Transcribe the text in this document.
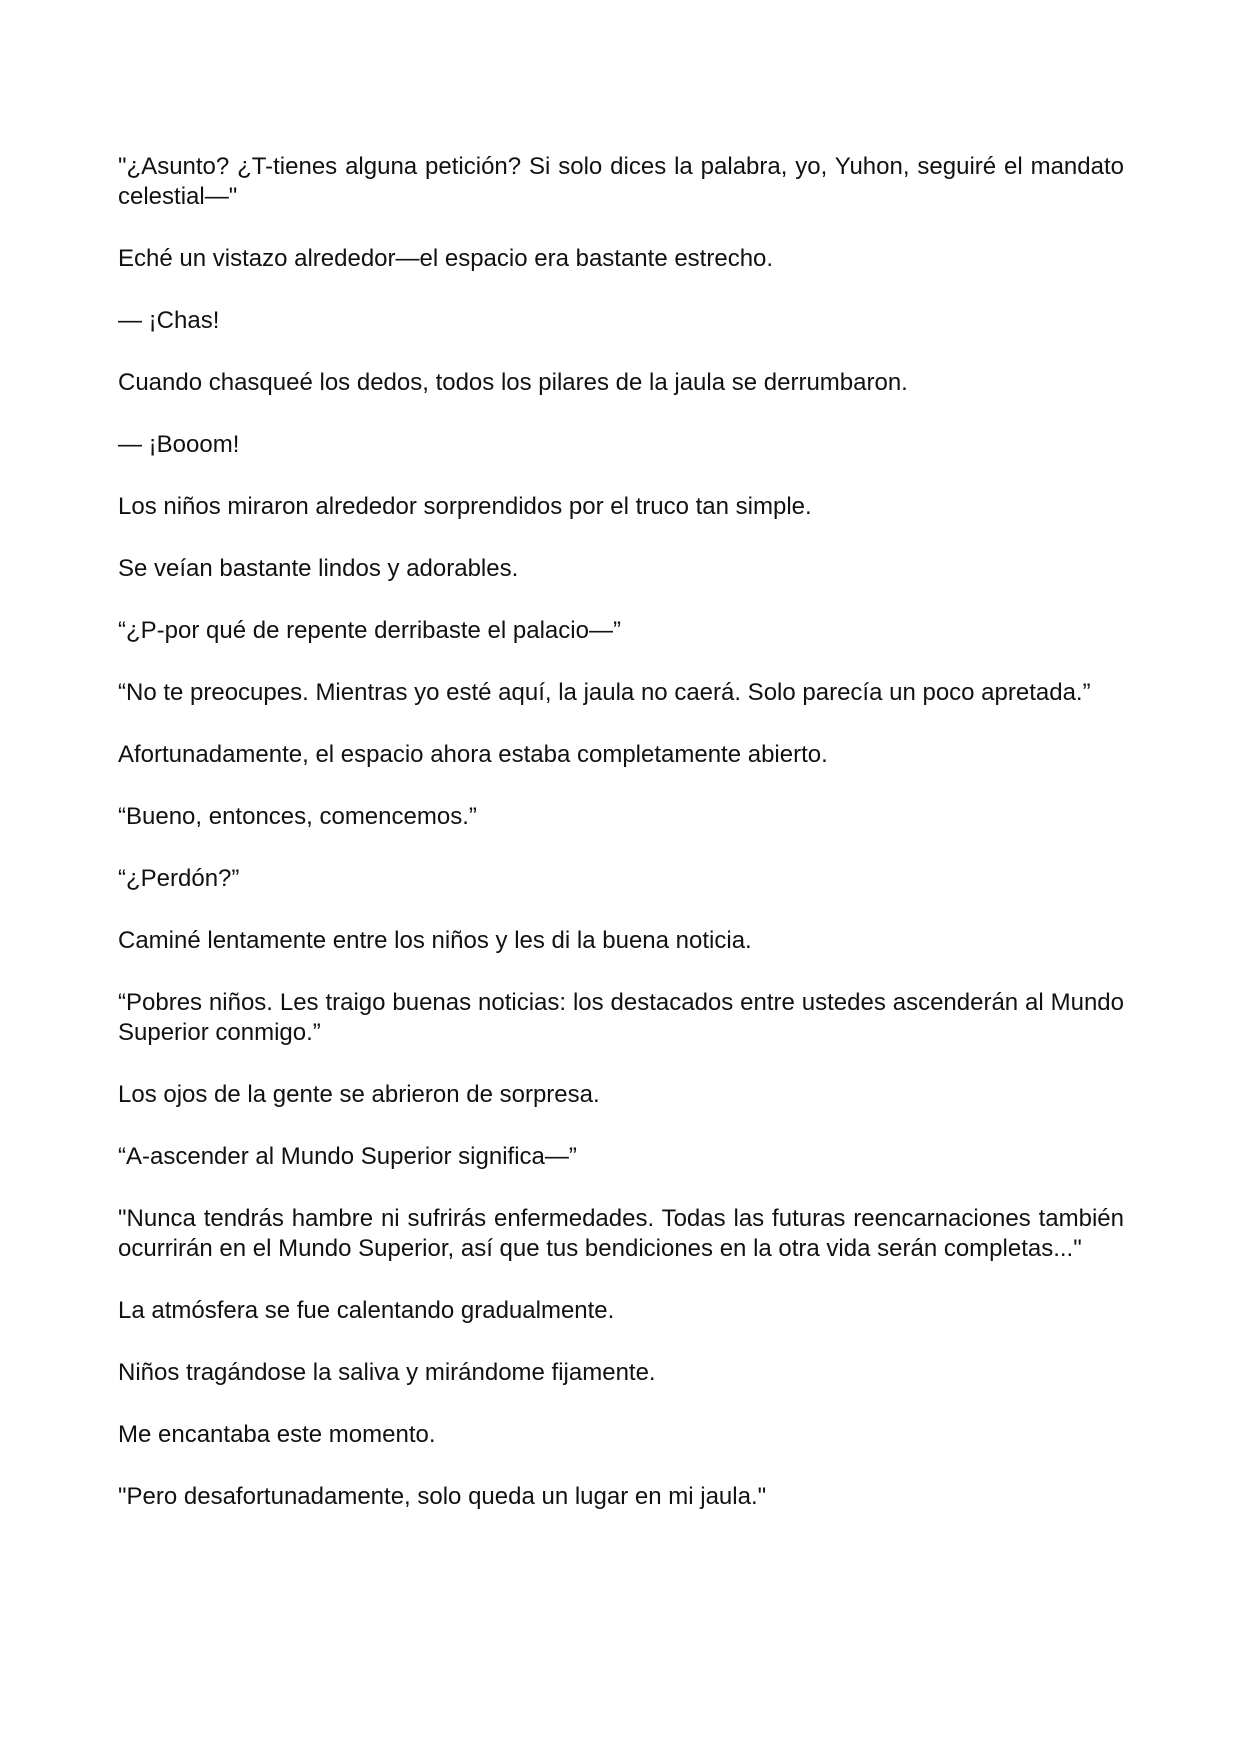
"¿Asunto? ¿T-tienes alguna petición? Si solo dices la palabra, yo, Yuhon, seguiré el mandato celestial—"

Eché un vistazo alrededor—el espacio era bastante estrecho.

— ¡Chas!

Cuando chasqueé los dedos, todos los pilares de la jaula se derrumbaron.

— ¡Booom!

Los niños miraron alrededor sorprendidos por el truco tan simple.

Se veían bastante lindos y adorables.

“¿P-por qué de repente derribaste el palacio—”

“No te preocupes. Mientras yo esté aquí, la jaula no caerá. Solo parecía un poco apretada.”

Afortunadamente, el espacio ahora estaba completamente abierto.

“Bueno, entonces, comencemos.”

“¿Perdón?”

Caminé lentamente entre los niños y les di la buena noticia.

“Pobres niños. Les traigo buenas noticias: los destacados entre ustedes ascenderán al Mundo Superior conmigo.”

Los ojos de la gente se abrieron de sorpresa.

“A-ascender al Mundo Superior significa—”

"Nunca tendrás hambre ni sufrirás enfermedades. Todas las futuras reencarnaciones también ocurrirán en el Mundo Superior, así que tus bendiciones en la otra vida serán completas..."

La atmósfera se fue calentando gradualmente.

Niños tragándose la saliva y mirándome fijamente.

Me encantaba este momento.

"Pero desafortunadamente, solo queda un lugar en mi jaula."
